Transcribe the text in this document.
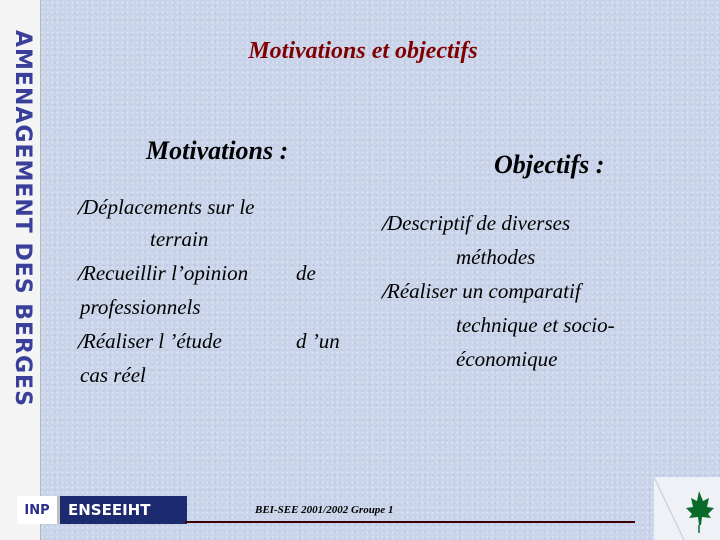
AMENAGEMENT DES BERGES	Motivations et objectifs
Motivations :	Objectifs :
⁄Déplacements sur le
terrain
⁄Recueillir l’opinion de
professionnels
⁄Réaliser l ’étude	d ’un
cas réel
⁄Descriptif de diverses
méthodes
⁄Réaliser un comparatif
technique et socio-
économique
INP	ENSEEIHT	BEI-SEE 2001/2002 Groupe 1
